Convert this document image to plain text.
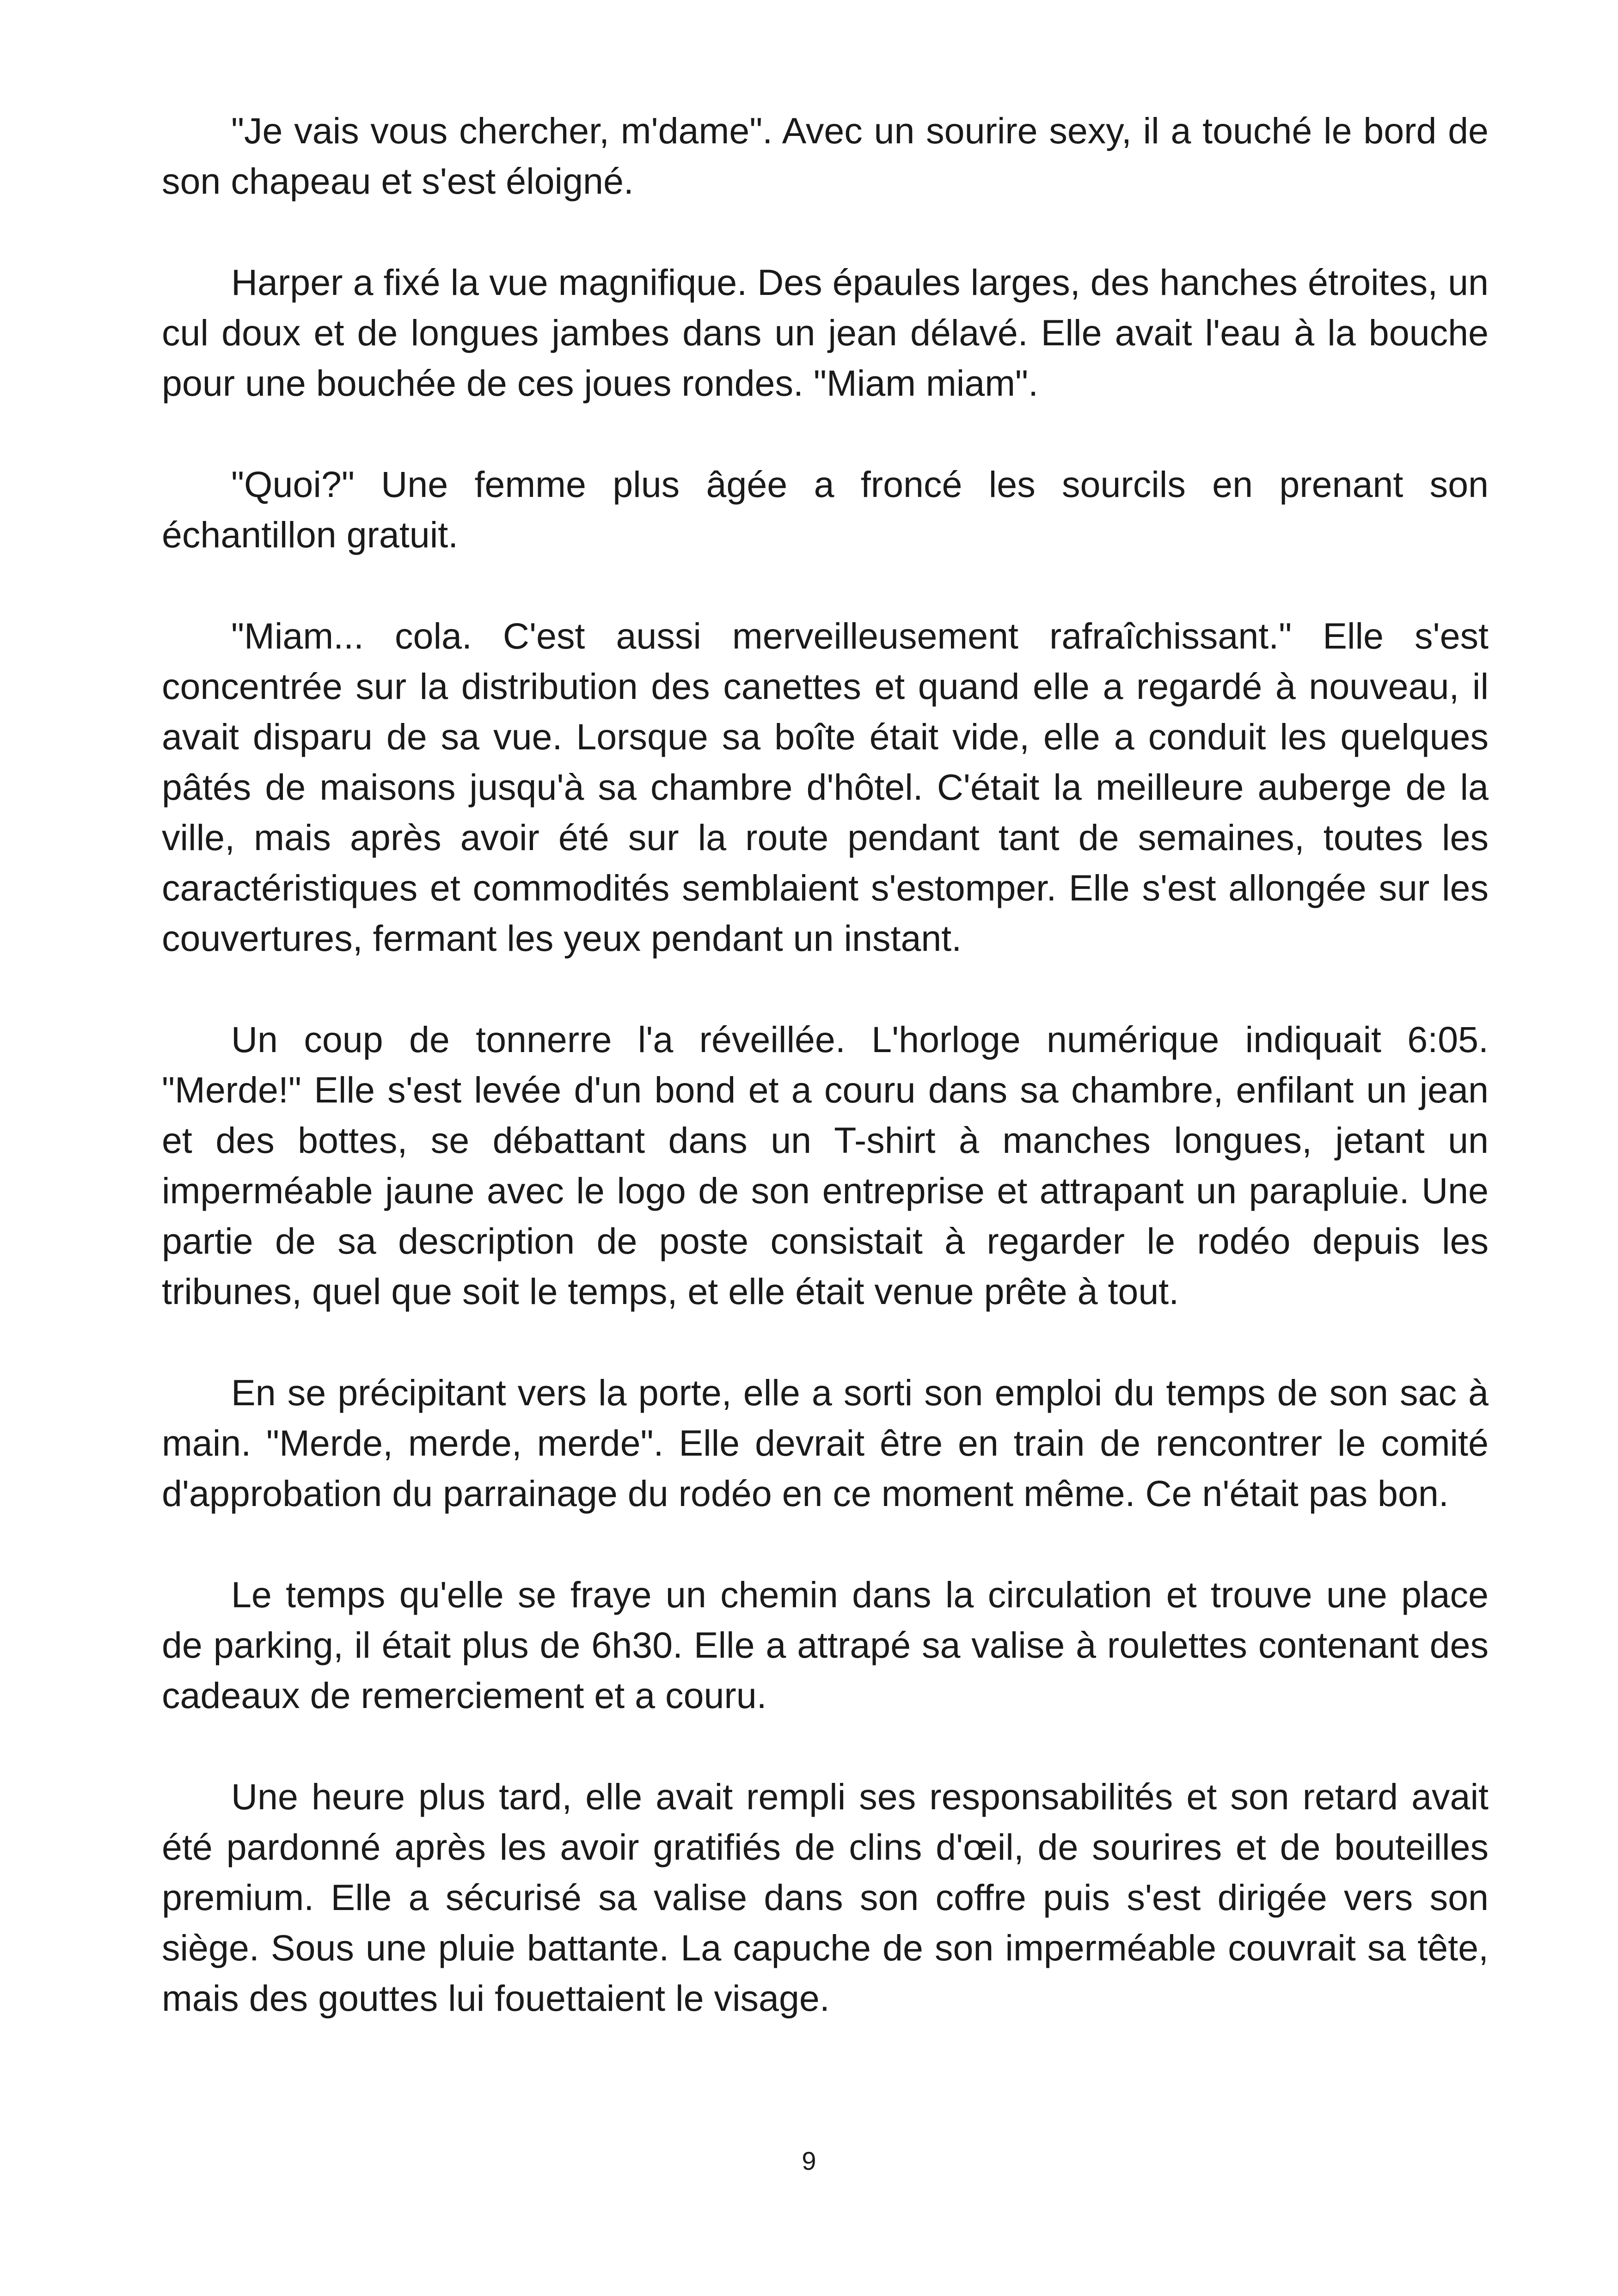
"Je vais vous chercher, m'dame". Avec un sourire sexy, il a touché le bord de son chapeau et s'est éloigné.

Harper a fixé la vue magnifique. Des épaules larges, des hanches étroites, un cul doux et de longues jambes dans un jean délavé. Elle avait l'eau à la bouche pour une bouchée de ces joues rondes. "Miam miam".

"Quoi?" Une femme plus âgée a froncé les sourcils en prenant son échantillon gratuit.

"Miam... cola. C'est aussi merveilleusement rafraîchissant." Elle s'est concentrée sur la distribution des canettes et quand elle a regardé à nouveau, il avait disparu de sa vue. Lorsque sa boîte était vide, elle a conduit les quelques pâtés de maisons jusqu'à sa chambre d'hôtel. C'était la meilleure auberge de la ville, mais après avoir été sur la route pendant tant de semaines, toutes les caractéristiques et commodités semblaient s'estomper. Elle s'est allongée sur les couvertures, fermant les yeux pendant un instant.

Un coup de tonnerre l'a réveillée. L'horloge numérique indiquait 6:05. "Merde!" Elle s'est levée d'un bond et a couru dans sa chambre, enfilant un jean et des bottes, se débattant dans un T-shirt à manches longues, jetant un imperméable jaune avec le logo de son entreprise et attrapant un parapluie. Une partie de sa description de poste consistait à regarder le rodéo depuis les tribunes, quel que soit le temps, et elle était venue prête à tout.

En se précipitant vers la porte, elle a sorti son emploi du temps de son sac à main. "Merde, merde, merde". Elle devrait être en train de rencontrer le comité d'approbation du parrainage du rodéo en ce moment même. Ce n'était pas bon.

Le temps qu'elle se fraye un chemin dans la circulation et trouve une place de parking, il était plus de 6h30. Elle a attrapé sa valise à roulettes contenant des cadeaux de remerciement et a couru.

Une heure plus tard, elle avait rempli ses responsabilités et son retard avait été pardonné après les avoir gratifiés de clins d'œil, de sourires et de bouteilles premium. Elle a sécurisé sa valise dans son coffre puis s'est dirigée vers son siège. Sous une pluie battante. La capuche de son imperméable couvrait sa tête, mais des gouttes lui fouettaient le visage.

9
